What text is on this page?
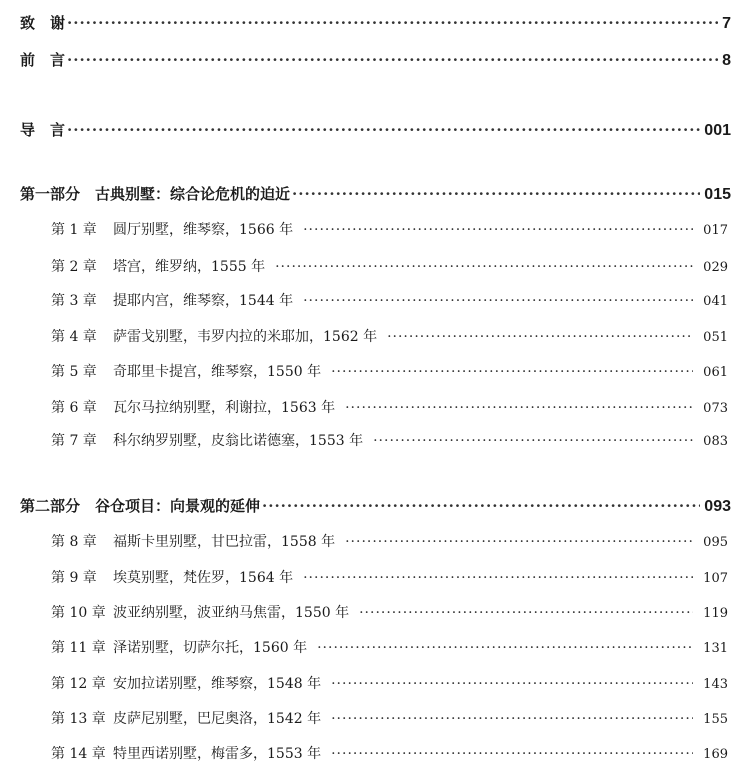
致　谢 ·····	7
前　言 ·····	8
导　言 ·····	001
第一部分　古典别墅：综合论危机的迫近 ·····	015
第 1 章 圆厅别墅，维琴察，1566 年 ·····	017
第 2 章 塔宫，维罗纳，1555 年 ·····	029
第 3 章 提耶内宫，维琴察，1544 年 ·····	041
第 4 章 萨雷戈别墅，韦罗内拉的米耶加，1562 年 ·····	051
第 5 章 奇耶里卡提宫，维琴察，1550 年 ·····	061
第 6 章 瓦尔马拉纳别墅，利谢拉，1563 年 ·····	073
第 7 章 科尔纳罗别墅，皮翁比诺德塞，1553 年 ·····	083
第二部分　谷仓项目：向景观的延伸 ·····	093
第 8 章 福斯卡里别墅，甘巴拉雷，1558 年 ·····	095
第 9 章 埃莫别墅，梵佐罗，1564 年 ·····	107
第 10 章 波亚纳别墅，波亚纳马焦雷，1550 年 ·····	119
第 11 章 泽诺别墅，切萨尔托，1560 年 ·····	131
第 12 章 安加拉诺别墅，维琴察，1548 年 ·····	143
第 13 章 皮萨尼别墅，巴尼奥洛，1542 年 ·····	155
第 14 章 特里西诺别墅，梅雷多，1553 年 ·····	169
